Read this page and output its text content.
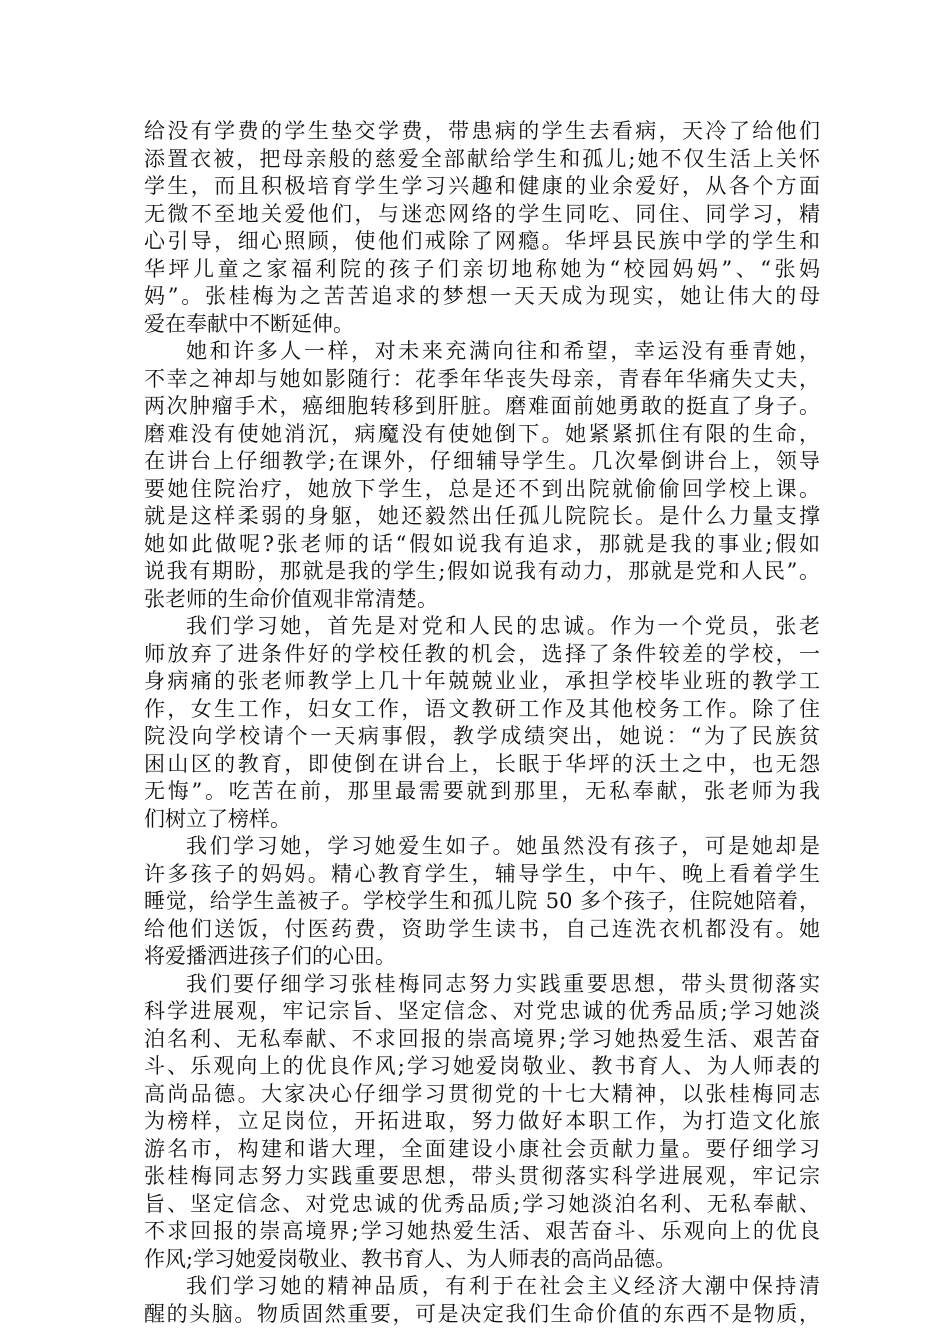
给没有学费的学生垫交学费，带患病的学生去看病，天冷了给他们
添置衣被，把母亲般的慈爱全部献给学生和孤儿;她不仅生活上关怀
学生，而且积极培育学生学习兴趣和健康的业余爱好，从各个方面
无微不至地关爱他们，与迷恋网络的学生同吃、同住、同学习，精
心引导，细心照顾，使他们戒除了网瘾。华坪县民族中学的学生和
华坪儿童之家福利院的孩子们亲切地称她为“校园妈妈”、“张妈
妈”。张桂梅为之苦苦追求的梦想一天天成为现实，她让伟大的母
爱在奉献中不断延伸。
她和许多人一样，对未来充满向往和希望，幸运没有垂青她，
不幸之神却与她如影随行：花季年华丧失母亲，青春年华痛失丈夫，
两次肿瘤手术，癌细胞转移到肝脏。磨难面前她勇敢的挺直了身子。
磨难没有使她消沉，病魔没有使她倒下。她紧紧抓住有限的生命，
在讲台上仔细教学;在课外，仔细辅导学生。几次晕倒讲台上，领导
要她住院治疗，她放下学生，总是还不到出院就偷偷回学校上课。
就是这样柔弱的身躯，她还毅然出任孤儿院院长。是什么力量支撑
她如此做呢?张老师的话“假如说我有追求，那就是我的事业;假如
说我有期盼，那就是我的学生;假如说我有动力，那就是党和人民”。
张老师的生命价值观非常清楚。
我们学习她，首先是对党和人民的忠诚。作为一个党员，张老
师放弃了进条件好的学校任教的机会，选择了条件较差的学校，一
身病痛的张老师教学上几十年兢兢业业，承担学校毕业班的教学工
作，女生工作，妇女工作，语文教研工作及其他校务工作。除了住
院没向学校请个一天病事假，教学成绩突出，她说：“为了民族贫
困山区的教育，即使倒在讲台上，长眠于华坪的沃土之中，也无怨
无悔”。吃苦在前，那里最需要就到那里，无私奉献，张老师为我
们树立了榜样。
我们学习她，学习她爱生如子。她虽然没有孩子，可是她却是
许多孩子的妈妈。精心教育学生，辅导学生，中午、晚上看着学生
睡觉，给学生盖被子。学校学生和孤儿院 50 多个孩子，住院她陪着，
给他们送饭，付医药费，资助学生读书，自己连洗衣机都没有。她
将爱播洒进孩子们的心田。
我们要仔细学习张桂梅同志努力实践重要思想，带头贯彻落实
科学进展观，牢记宗旨、坚定信念、对党忠诚的优秀品质;学习她淡
泊名利、无私奉献、不求回报的崇高境界;学习她热爱生活、艰苦奋
斗、乐观向上的优良作风;学习她爱岗敬业、教书育人、为人师表的
高尚品德。大家决心仔细学习贯彻党的十七大精神，以张桂梅同志
为榜样，立足岗位，开拓进取，努力做好本职工作，为打造文化旅
游名市，构建和谐大理，全面建设小康社会贡献力量。要仔细学习
张桂梅同志努力实践重要思想，带头贯彻落实科学进展观，牢记宗
旨、坚定信念、对党忠诚的优秀品质;学习她淡泊名利、无私奉献、
不求回报的崇高境界;学习她热爱生活、艰苦奋斗、乐观向上的优良
作风;学习她爱岗敬业、教书育人、为人师表的高尚品德。
我们学习她的精神品质，有利于在社会主义经济大潮中保持清
醒的头脑。物质固然重要，可是决定我们生命价值的东西不是物质，
